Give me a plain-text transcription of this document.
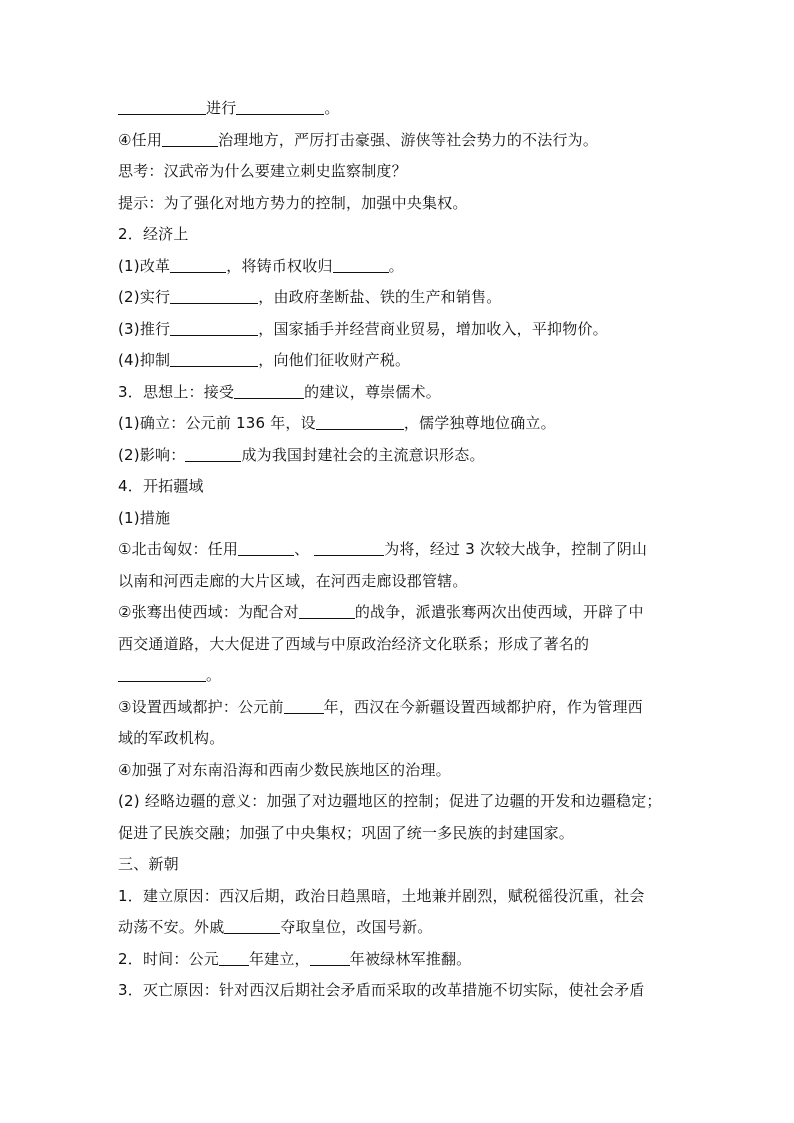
进行	。
④任用	治理地方，严厉打击豪强、游侠等社会势力的不法行为。
思考：汉武帝为什么要建立刺史监察制度？
提示：为了强化对地方势力的控制，加强中央集权。
2．经济上
(1)改革	，将铸币权收归	。
(2)实行	，由政府垄断盐、铁的生产和销售。
(3)推行	，国家插手并经营商业贸易，增加收入，平抑物价。
(4)抑制	，向他们征收财产税。
3．思想上：接受	的建议，尊崇儒术。
(1)确立：公元前 136 年，设	，儒学独尊地位确立。
(2)影响：	成为我国封建社会的主流意识形态。
4．开拓疆域
(1)措施
①北击匈奴：任用	、	为将，经过 3 次较大战争，控制了阴山
以南和河西走廊的大片区域，在河西走廊设郡管辖。
②张骞出使西域：为配合对	的战争，派遣张骞两次出使西域，开辟了中
西交通道路，大大促进了西域与中原政治经济文化联系；形成了著名的
。
③设置西域都护：公元前	年，西汉在今新疆设置西域都护府，作为管理西
域的军政机构。
④加强了对东南沿海和西南少数民族地区的治理。
(2) 经略边疆的意义：加强了对边疆地区的控制；促进了边疆的开发和边疆稳定；
促进了民族交融；加强了中央集权；巩固了统一多民族的封建国家。
三、新朝
1．建立原因：西汉后期，政治日趋黑暗，土地兼并剧烈，赋税徭役沉重，社会
动荡不安。外戚	夺取皇位，改国号新。
2．时间：公元 年建立，	年被绿林军推翻。
3．灭亡原因：针对西汉后期社会矛盾而采取的改革措施不切实际，使社会矛盾
